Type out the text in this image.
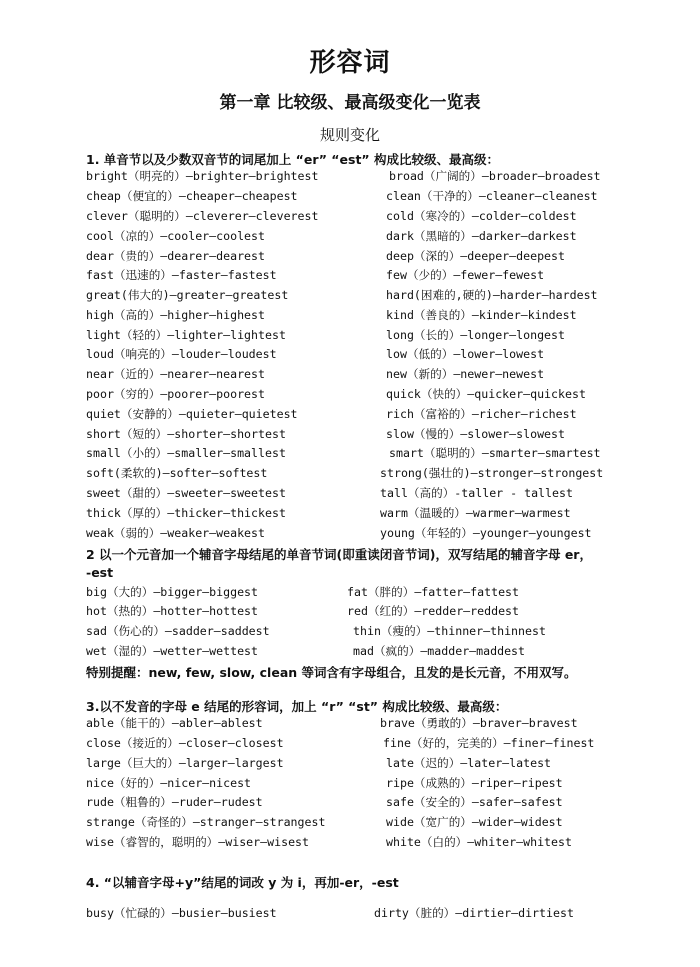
形容词
第一章 比较级、最高级变化一览表
规则变化
1. 单音节以及少数双音节的词尾加上 “er” “est” 构成比较级、最高级：
bright（明亮的）—brighter—brightest
cheap（便宜的）—cheaper—cheapest
clever（聪明的）—cleverer—cleverest
cool（凉的）—cooler—coolest
dear（贵的）—dearer—dearest
fast（迅速的）—faster—fastest
great(伟大的)—greater—greatest
high（高的）—higher—highest
light（轻的）—lighter—lightest
loud（响亮的）—louder—loudest
near（近的）—nearer—nearest
poor（穷的）—poorer—poorest
quiet（安静的）—quieter—quietest
short（短的）—shorter—shortest
small（小的）—smaller—smallest
soft(柔软的)—softer—softest
sweet（甜的）—sweeter—sweetest
thick（厚的）—thicker—thickest
weak（弱的）—weaker—weakest
broad（广阔的）—broader—broadest
clean（干净的）—cleaner—cleanest
cold（寒冷的）—colder—coldest
dark（黑暗的）—darker—darkest
deep（深的）—deeper—deepest
few（少的）—fewer—fewest
hard(困难的,硬的)—harder—hardest
kind（善良的）—kinder—kindest
long（长的）—longer—longest
low（低的）—lower—lowest
new（新的）—newer—newest
quick（快的）—quicker—quickest
rich（富裕的）—richer—richest
slow（慢的）—slower—slowest
smart（聪明的）—smarter—smartest
strong(强壮的)—stronger—strongest
tall（高的）-taller - tallest
warm（温暖的）—warmer—warmest
young（年轻的）—younger—youngest
2 以一个元音加一个辅音字母结尾的单音节词(即重读闭音节词)，双写结尾的辅音字母 er，
-est
big（大的）—bigger—biggest
hot（热的）—hotter—hottest
sad（伤心的）—sadder—saddest
wet（湿的）—wetter—wettest
fat（胖的）—fatter—fattest
red（红的）—redder—reddest
thin（瘦的）—thinner—thinnest
mad（疯的）—madder—maddest
特别提醒：new, few, slow, clean 等词含有字母组合，且发的是长元音，不用双写。
3.以不发音的字母 e 结尾的形容词，加上 “r” “st” 构成比较级、最高级：
able（能干的）—abler—ablest
close（接近的）—closer—closest
large（巨大的）—larger—largest
nice（好的）—nicer—nicest
rude（粗鲁的）—ruder—rudest
strange（奇怪的）—stranger—strangest
wise（睿智的，聪明的）—wiser—wisest
brave（勇敢的）—braver—bravest
fine（好的，完美的）—finer—finest
late（迟的）—later—latest
ripe（成熟的）—riper—ripest
safe（安全的）—safer—safest
wide（宽广的）—wider—widest
white（白的）—whiter—whitest
4. “以辅音字母+y”结尾的词改 y 为 i，再加-er，-est
busy（忙碌的）—busier—busiest	dirty（脏的）—dirtier—dirtiest
